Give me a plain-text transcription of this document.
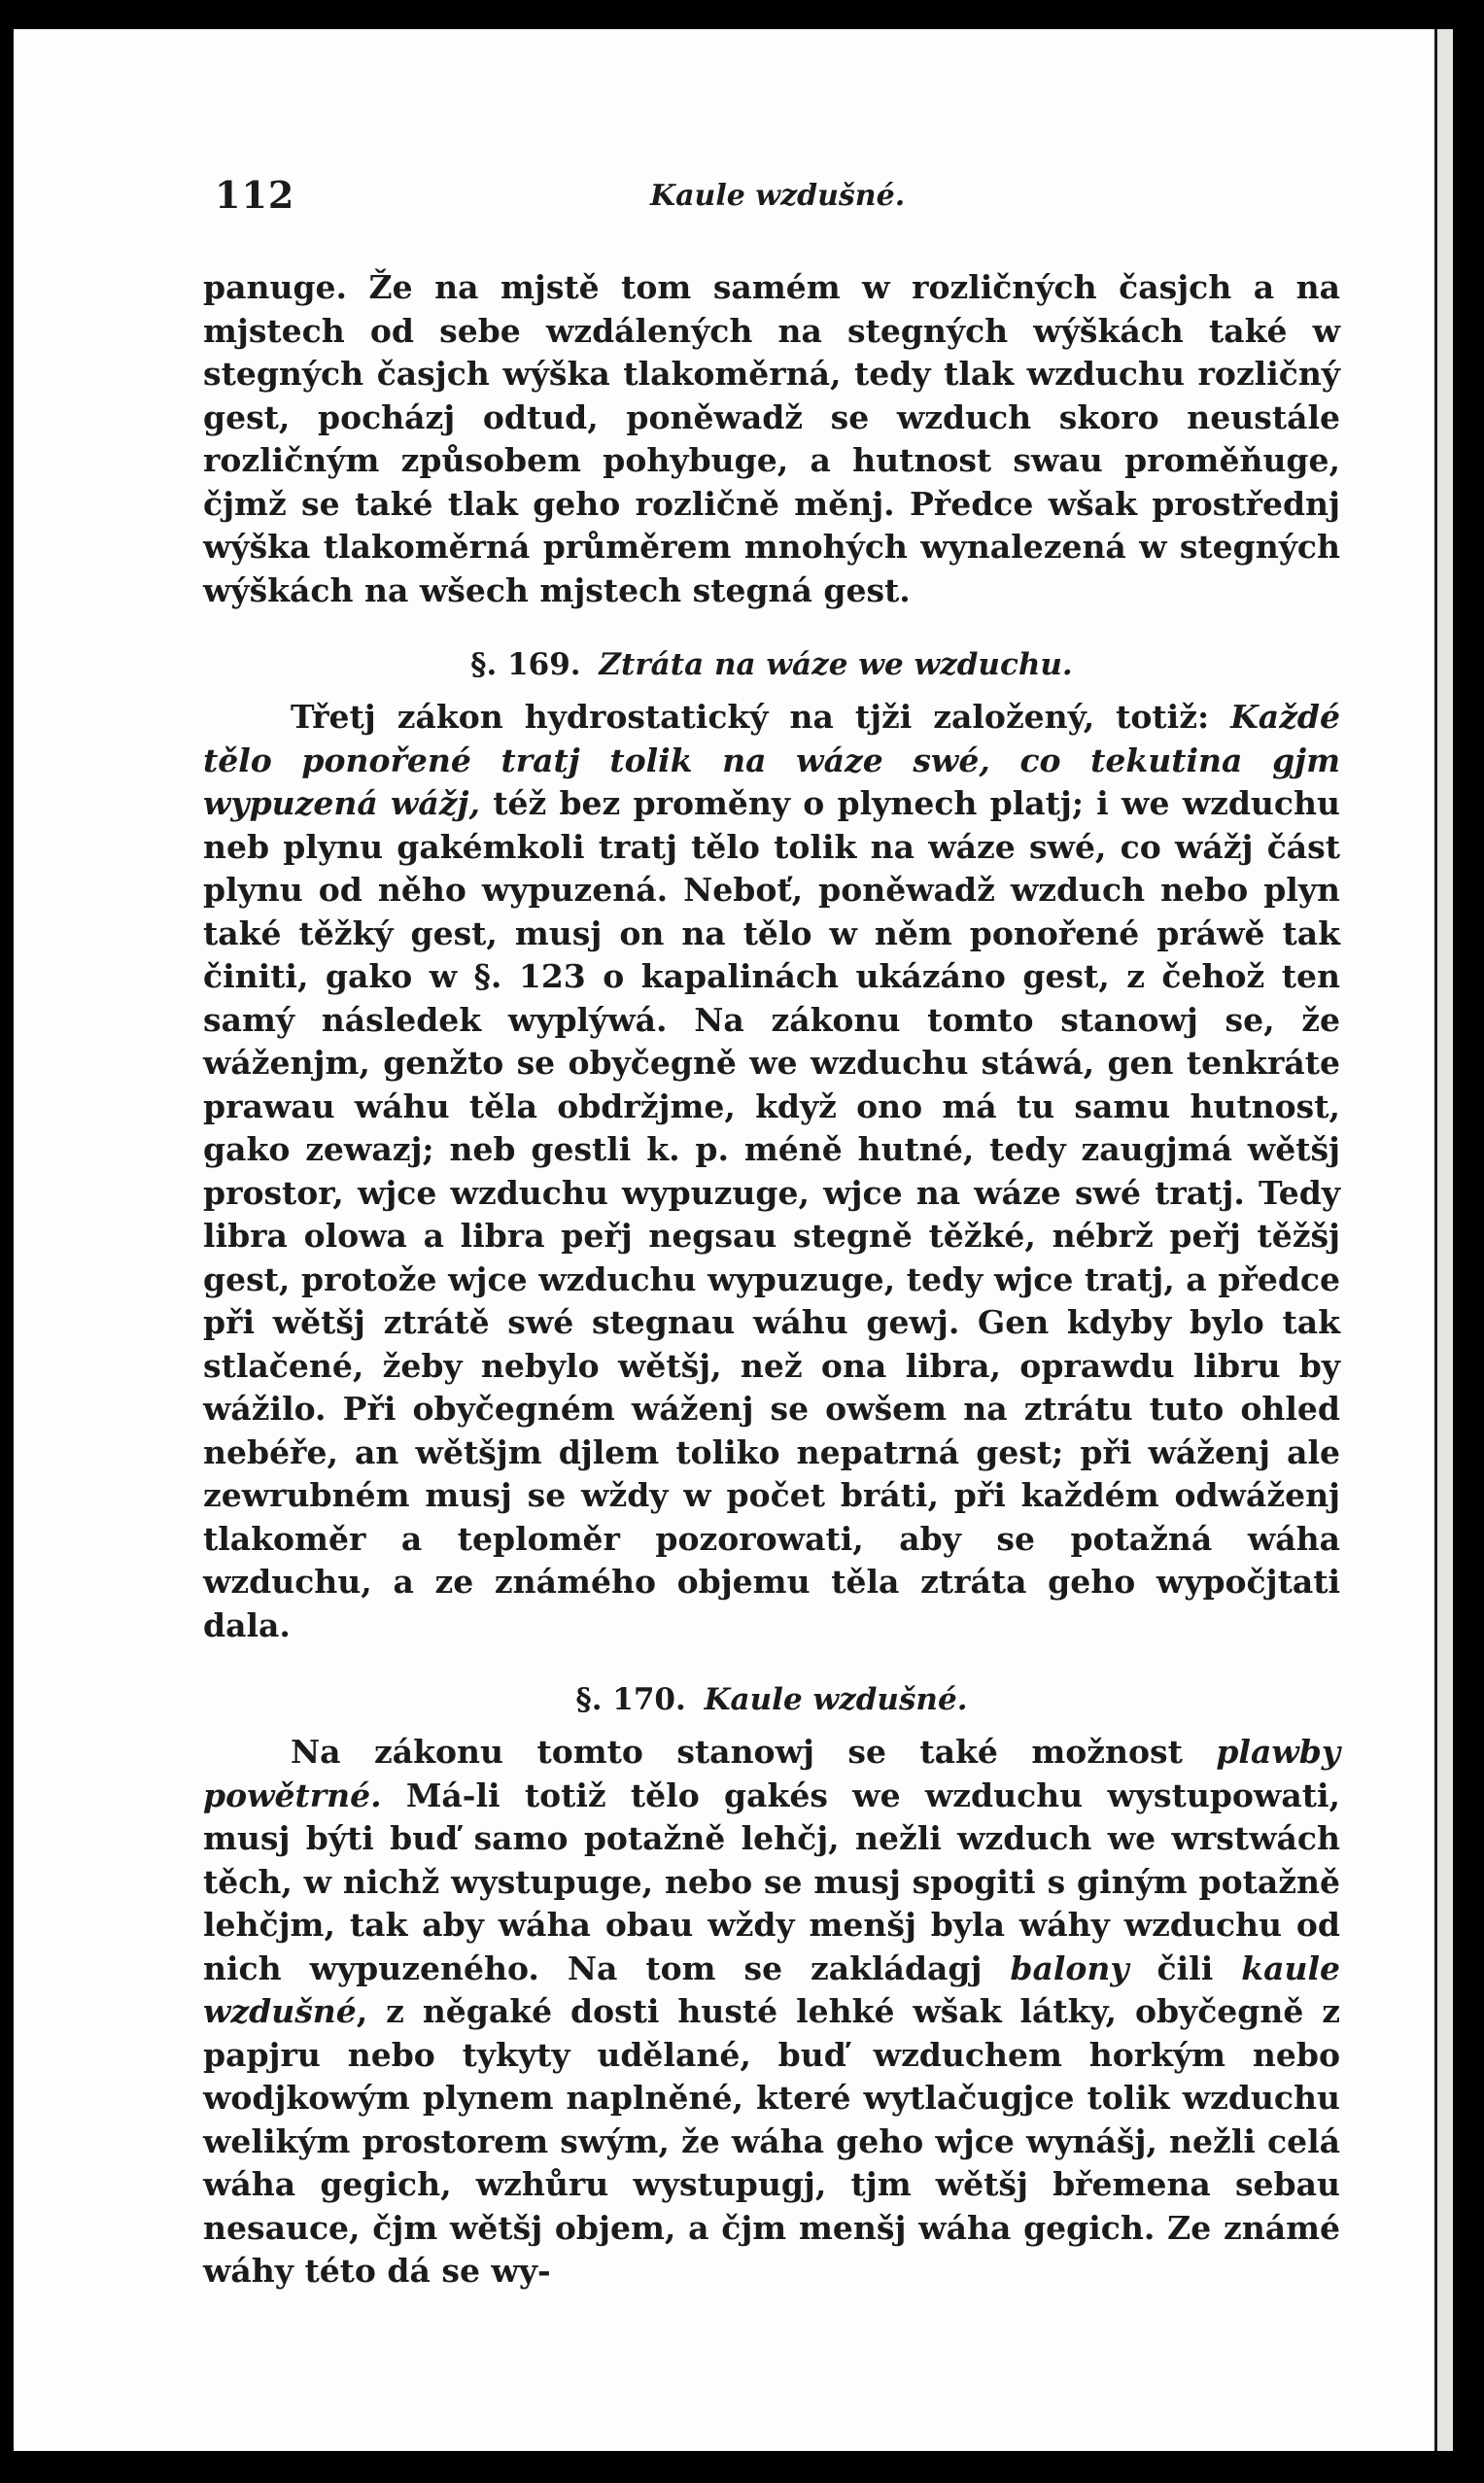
112	Kaule wzdušné.

panuge. Že na mjstě tom samém w rozličných časjch a na mjstech od sebe wzdálených na stegných wýškách také w stegných časjch wýška tlakoměrná, tedy tlak wzduchu rozličný gest, pocházj odtud, poněwadž se wzduch skoro neustále rozličným způsobem pohybuge, a hutnost swau proměňuge, čjmž se také tlak geho rozličně měnj. Předce wšak prostřednj wýška tlakoměrná průměrem mnohých wynalezená w stegných wýškách na wšech mjstech stegná gest.

§. 169. Ztráta na wáze we wzduchu.

Třetj zákon hydrostatický na tjži založený, totiž: Každé tělo ponořené tratj tolik na wáze swé, co tekutina gjm wypuzená wážj, též bez proměny o plynech platj; i we wzduchu neb plynu gakémkoli tratj tělo tolik na wáze swé, co wážj část plynu od něho wypuzená. Neboť, poněwadž wzduch nebo plyn také těžký gest, musj on na tělo w něm ponořené práwě tak činiti, gako w §. 123 o kapalinách ukázáno gest, z čehož ten samý následek wyplýwá. Na zákonu tomto stanowj se, že wáženjm, genžto se obyčegně we wzduchu stáwá, gen tenkráte prawau wáhu těla obdržjme, když ono má tu samu hutnost, gako zewazj; neb gestli k. p. méně hutné, tedy zaugjmá wětšj prostor, wjce wzduchu wypuzuge, wjce na wáze swé tratj. Tedy libra olowa a libra peřj negsau stegně těžké, nébrž peřj těžšj gest, protože wjce wzduchu wypuzuge, tedy wjce tratj, a předce při wětšj ztrátě swé stegnau wáhu gewj. Gen kdyby bylo tak stlačené, žeby nebylo wětšj, než ona libra, oprawdu libru by wážilo. Při obyčegném wáženj se owšem na ztrátu tuto ohled nebéře, an wětšjm djlem toliko nepatrná gest; při wáženj ale zewrubném musj se wždy w počet bráti, při každém odwáženj tlakoměr a teploměr pozorowati, aby se potažná wáha wzduchu, a ze známého objemu těla ztráta geho wypočjtati dala.

§. 170. Kaule wzdušné.

Na zákonu tomto stanowj se také možnost plawby powětrné. Má-li totiž tělo gakés we wzduchu wystupowati, musj býti buď samo potažně lehčj, nežli wzduch we wrstwách těch, w nichž wystupuge, nebo se musj spogiti s giným potažně lehčjm, tak aby wáha obau wždy menšj byla wáhy wzduchu od nich wypuzeného. Na tom se zakládagj balony čili kaule wzdušné, z něgaké dosti husté lehké wšak látky, obyčegně z papjru nebo tykyty udělané, buď wzduchem horkým nebo wodjkowým plynem naplněné, které wytlačugjce tolik wzduchu welikým prostorem swým, že wáha geho wjce wynášj, nežli celá wáha gegich, wzhůru wystupugj, tjm wětšj břemena sebau nesauce, čjm wětšj objem, a čjm menšj wáha gegich. Ze známé wáhy této dá se wy-
